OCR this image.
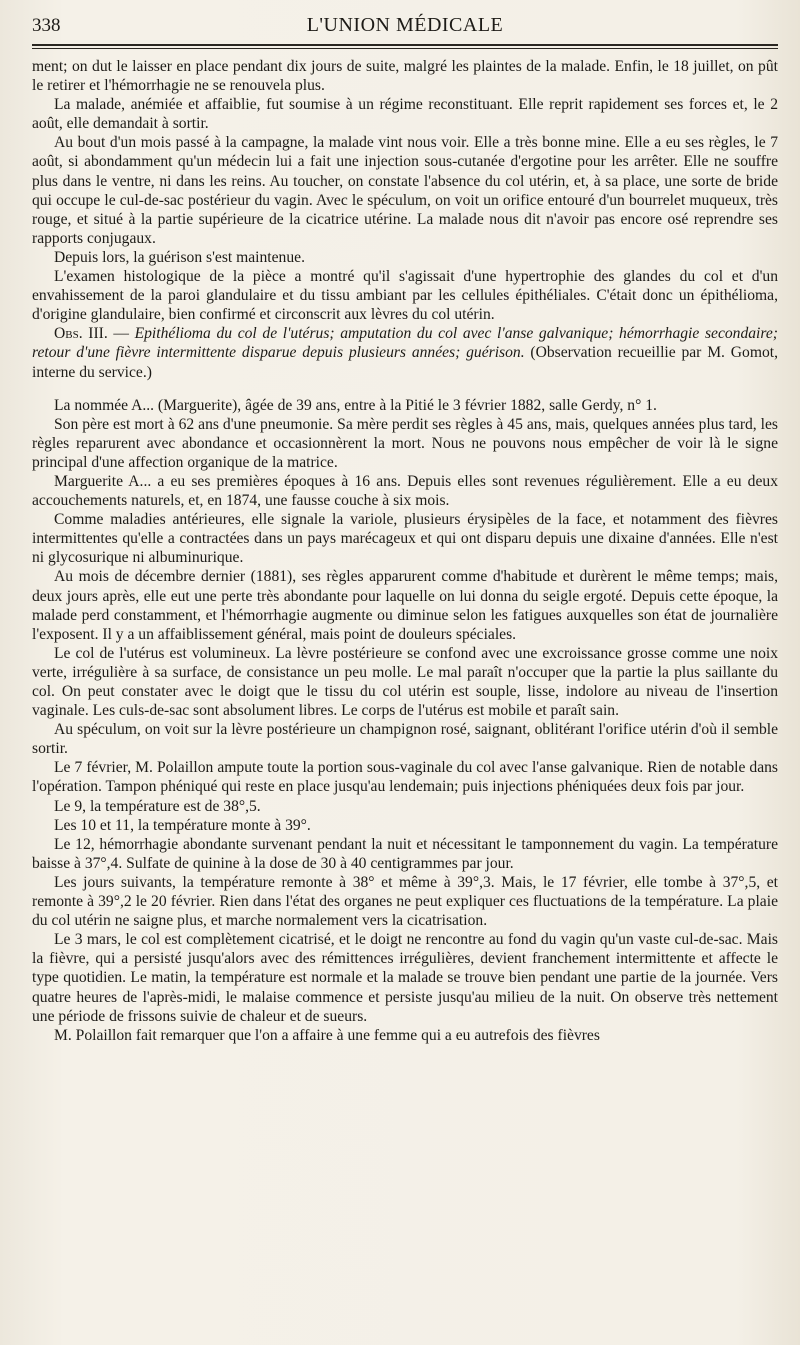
338	L'UNION MÉDICALE

ment; on dut le laisser en place pendant dix jours de suite, malgré les plaintes de la malade. Enfin, le 18 juillet, on pût le retirer et l'hémorrhagie ne se renouvela plus.

La malade, anémiée et affaiblie, fut soumise à un régime reconstituant. Elle reprit rapidement ses forces et, le 2 août, elle demandait à sortir.

Au bout d'un mois passé à la campagne, la malade vint nous voir. Elle a très bonne mine. Elle a eu ses règles, le 7 août, si abondamment qu'un médecin lui a fait une injection sous-cutanée d'ergotine pour les arrêter. Elle ne souffre plus dans le ventre, ni dans les reins. Au toucher, on constate l'absence du col utérin, et, à sa place, une sorte de bride qui occupe le cul-de-sac postérieur du vagin. Avec le spéculum, on voit un orifice entouré d'un bourrelet muqueux, très rouge, et situé à la partie supérieure de la cicatrice utérine. La malade nous dit n'avoir pas encore osé reprendre ses rapports conjugaux.

Depuis lors, la guérison s'est maintenue.

L'examen histologique de la pièce a montré qu'il s'agissait d'une hypertrophie des glandes du col et d'un envahissement de la paroi glandulaire et du tissu ambiant par les cellules épithéliales. C'était donc un épithélioma, d'origine glandulaire, bien confirmé et circonscrit aux lèvres du col utérin.

Obs. III. — Epithélioma du col de l'utérus; amputation du col avec l'anse galvanique; hémorrhagie secondaire; retour d'une fièvre intermittente disparue depuis plusieurs années; guérison. (Observation recueillie par M. Gomot, interne du service.)

La nommée A... (Marguerite), âgée de 39 ans, entre à la Pitié le 3 février 1882, salle Gerdy, n° 1.

Son père est mort à 62 ans d'une pneumonie. Sa mère perdit ses règles à 45 ans, mais, quelques années plus tard, les règles reparurent avec abondance et occasionnèrent la mort. Nous ne pouvons nous empêcher de voir là le signe principal d'une affection organique de la matrice.

Marguerite A... a eu ses premières époques à 16 ans. Depuis elles sont revenues régulièrement. Elle a eu deux accouchements naturels, et, en 1874, une fausse couche à six mois.

Comme maladies antérieures, elle signale la variole, plusieurs érysipèles de la face, et notamment des fièvres intermittentes qu'elle a contractées dans un pays marécageux et qui ont disparu depuis une dixaine d'années. Elle n'est ni glycosurique ni albuminurique.

Au mois de décembre dernier (1881), ses règles apparurent comme d'habitude et durèrent le même temps; mais, deux jours après, elle eut une perte très abondante pour laquelle on lui donna du seigle ergoté. Depuis cette époque, la malade perd constamment, et l'hémorrhagie augmente ou diminue selon les fatigues auxquelles son état de journalière l'exposent. Il y a un affaiblissement général, mais point de douleurs spéciales.

Le col de l'utérus est volumineux. La lèvre postérieure se confond avec une excroissance grosse comme une noix verte, irrégulière à sa surface, de consistance un peu molle. Le mal paraît n'occuper que la partie la plus saillante du col. On peut constater avec le doigt que le tissu du col utérin est souple, lisse, indolore au niveau de l'insertion vaginale. Les culs-de-sac sont absolument libres. Le corps de l'utérus est mobile et paraît sain.

Au spéculum, on voit sur la lèvre postérieure un champignon rosé, saignant, oblitérant l'orifice utérin d'où il semble sortir.

Le 7 février, M. Polaillon ampute toute la portion sous-vaginale du col avec l'anse galvanique. Rien de notable dans l'opération. Tampon phéniqué qui reste en place jusqu'au lendemain; puis injections phéniquées deux fois par jour.

Le 9, la température est de 38°,5.

Les 10 et 11, la température monte à 39°.

Le 12, hémorrhagie abondante survenant pendant la nuit et nécessitant le tamponnement du vagin. La température baisse à 37°,4. Sulfate de quinine à la dose de 30 à 40 centigrammes par jour.

Les jours suivants, la température remonte à 38° et même à 39°,3. Mais, le 17 février, elle tombe à 37°,5, et remonte à 39°,2 le 20 février. Rien dans l'état des organes ne peut expliquer ces fluctuations de la température. La plaie du col utérin ne saigne plus, et marche normalement vers la cicatrisation.

Le 3 mars, le col est complètement cicatrisé, et le doigt ne rencontre au fond du vagin qu'un vaste cul-de-sac. Mais la fièvre, qui a persisté jusqu'alors avec des rémittences irrégulières, devient franchement intermittente et affecte le type quotidien. Le matin, la température est normale et la malade se trouve bien pendant une partie de la journée. Vers quatre heures de l'après-midi, le malaise commence et persiste jusqu'au milieu de la nuit. On observe très nettement une période de frissons suivie de chaleur et de sueurs.

M. Polaillon fait remarquer que l'on a affaire à une femme qui a eu autrefois des fièvres
